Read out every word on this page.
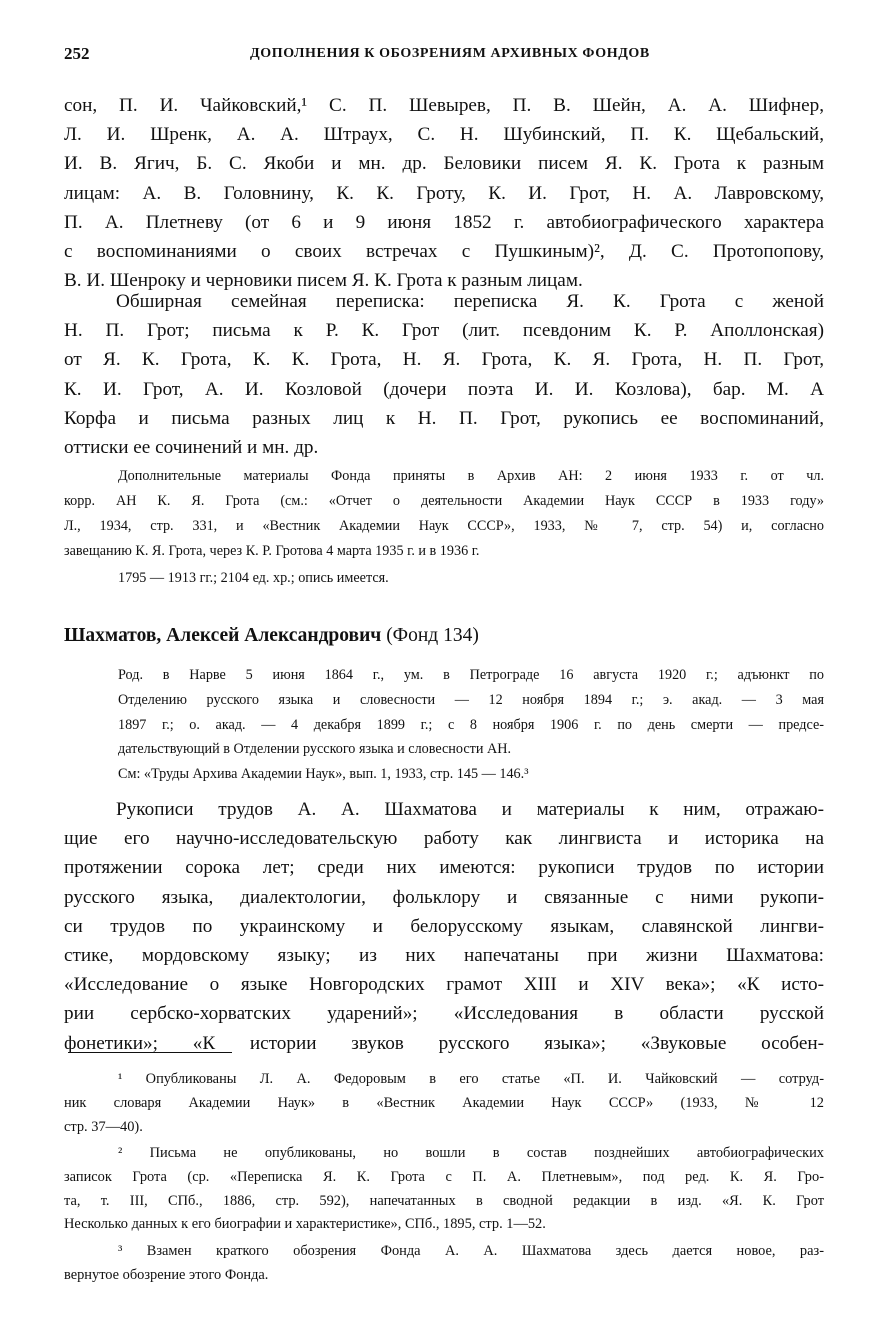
252	ДОПОЛНЕНИЯ К ОБОЗРЕНИЯМ АРХИВНЫХ ФОНДОВ
сон, П. И. Чайковский,¹ С. П. Шевырев, П. В. Шейн, А. А. Шифнер,
Л. И. Шренк, А. А. Штраух, С. Н. Шубинский, П. К. Щебальский,
И. В. Ягич, Б. С. Якоби и мн. др. Беловики писем Я. К. Грота к разным
лицам: А. В. Головнину, К. К. Гроту, К. И. Грот, Н. А. Лавровскому,
П. А. Плетневу (от 6 и 9 июня 1852 г. автобиографического характера
с воспоминаниями о своих встречах с Пушкиным)², Д. С. Протопопову,
В. И. Шенроку и черновики писем Я. К. Грота к разным лицам.
Обширная семейная переписка: переписка Я. К. Грота с женой
Н. П. Грот; письма к Р. К. Грот (лит. псевдоним К. Р. Аполлонская)
от Я. К. Грота, К. К. Грота, Н. Я. Грота, К. Я. Грота, Н. П. Грот,
К. И. Грот, А. И. Козловой (дочери поэта И. И. Козлова), бар. М. А
Корфа и письма разных лиц к Н. П. Грот, рукопись ее воспоминаний,
оттиски ее сочинений и мн. др.
Дополнительные материалы Фонда приняты в Архив АН: 2 июня 1933 г. от чл.
корр. АН К. Я. Грота (см.: «Отчет о деятельности Академии Наук СССР в 1933 году»
Л., 1934, стр. 331, и «Вестник Академии Наук СССР», 1933, № 7, стр. 54) и, согласно
завещанию К. Я. Грота, через К. Р. Гротова 4 марта 1935 г. и в 1936 г.
1795 — 1913 гг.; 2104 ед. хр.; опись имеется.
Шахматов, Алексей Александрович (Фонд 134)
Род. в Нарве 5 июня 1864 г., ум. в Петрограде 16 августа 1920 г.; адъюнкт по
Отделению русского языка и словесности — 12 ноября 1894 г.; э. акад. — 3 мая
1897 г.; о. акад. — 4 декабря 1899 г.; с 8 ноября 1906 г. по день смерти — предсе-
дательствующий в Отделении русского языка и словесности АН.
См: «Труды Архива Академии Наук», вып. 1, 1933, стр. 145 — 146.³
Рукописи трудов А. А. Шахматова и материалы к ним, отражаю-
щие его научно-исследовательскую работу как лингвиста и историка на
протяжении сорока лет; среди них имеются: рукописи трудов по истории
русского языка, диалектологии, фольклору и связанные с ними рукопи-
си трудов по украинскому и белорусскому языкам, славянской лингви-
стике, мордовскому языку; из них напечатаны при жизни Шахматова:
«Исследование о языке Новгородских грамот XIII и XIV века»; «К исто-
рии сербско-хорватских ударений»; «Исследования в области русской
фонетики»; «К истории звуков русского языка»; «Звуковые особен-
¹ Опубликованы Л. А. Федоровым в его статье «П. И. Чайковский — сотруд-
ник словаря Академии Наук» в «Вестник Академии Наук СССР» (1933, № 12
стр. 37—40).
² Письма не опубликованы, но вошли в состав позднейших автобиографических
записок Грота (ср. «Переписка Я. К. Грота с П. А. Плетневым», под ред. К. Я. Гро-
та, т. III, СПб., 1886, стр. 592), напечатанных в сводной редакции в изд. «Я. К. Грот
Несколько данных к его биографии и характеристике», СПб., 1895, стр. 1—52.
³ Взамен краткого обозрения Фонда А. А. Шахматова здесь дается новое, раз-
вернутое обозрение этого Фонда.
